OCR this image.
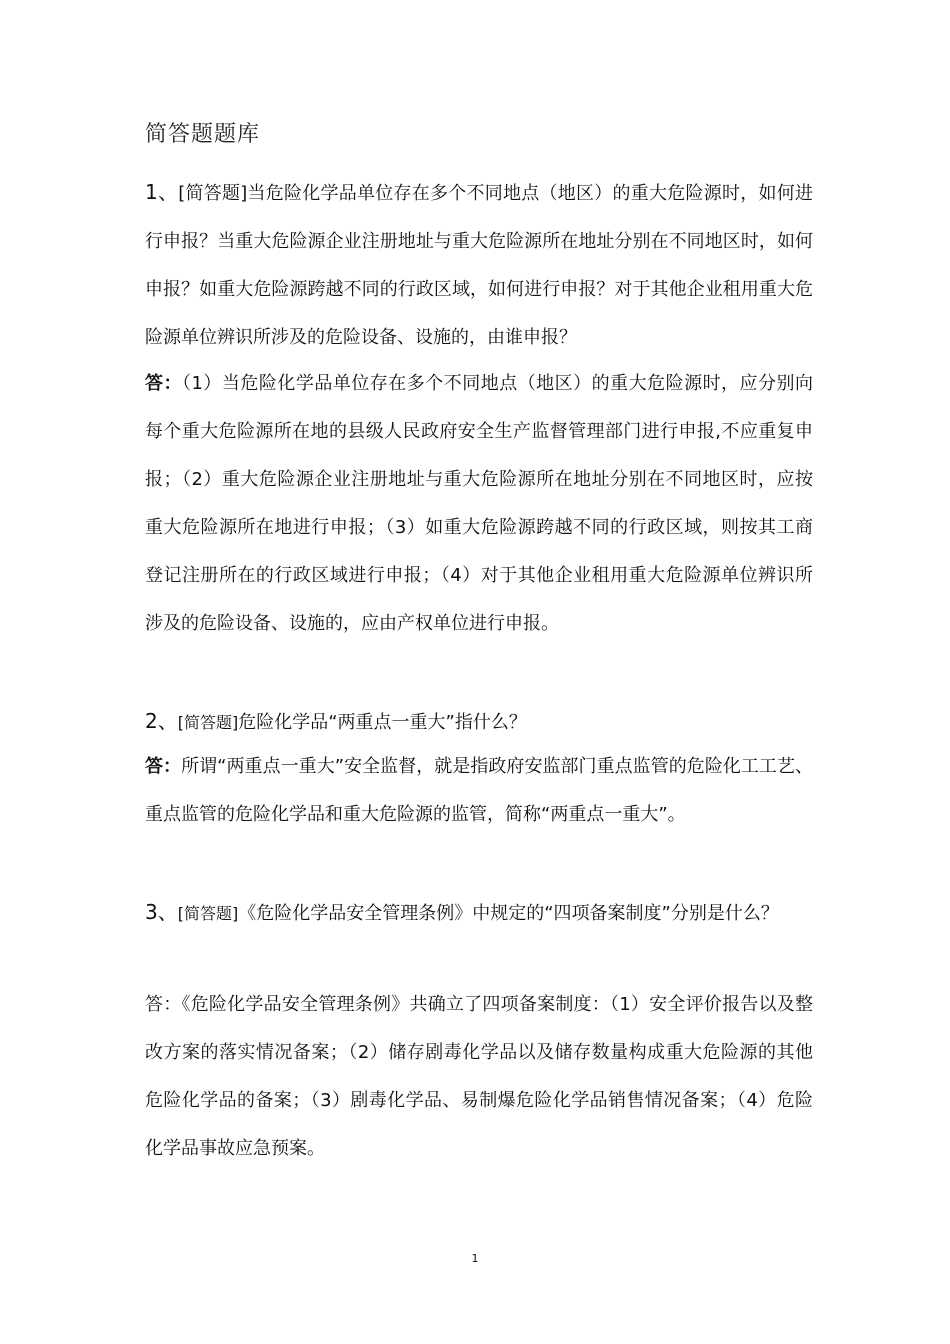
简答题题库
1、[简答题]当危险化学品单位存在多个不同地点（地区）的重大危险源时，如何进行申报？当重大危险源企业注册地址与重大危险源所在地址分别在不同地区时，如何申报？如重大危险源跨越不同的行政区域，如何进行申报？对于其他企业租用重大危险源单位辨识所涉及的危险设备、设施的，由谁申报？
答：（1）当危险化学品单位存在多个不同地点（地区）的重大危险源时，应分别向每个重大危险源所在地的县级人民政府安全生产监督管理部门进行申报,不应重复申报；（2）重大危险源企业注册地址与重大危险源所在地址分别在不同地区时，应按重大危险源所在地进行申报；（3）如重大危险源跨越不同的行政区域，则按其工商登记注册所在的行政区域进行申报；（4）对于其他企业租用重大危险源单位辨识所涉及的危险设备、设施的，应由产权单位进行申报。
2、[简答题]危险化学品“两重点一重大”指什么？
答：所谓“两重点一重大”安全监督，就是指政府安监部门重点监管的危险化工工艺、重点监管的危险化学品和重大危险源的监管，简称“两重点一重大”。
3、[简答题]《危险化学品安全管理条例》中规定的“四项备案制度”分别是什么？
答：《危险化学品安全管理条例》共确立了四项备案制度：（1）安全评价报告以及整改方案的落实情况备案；（2）储存剧毒化学品以及储存数量构成重大危险源的其他危险化学品的备案；（3）剧毒化学品、易制爆危险化学品销售情况备案；（4）危险化学品事故应急预案。
1
